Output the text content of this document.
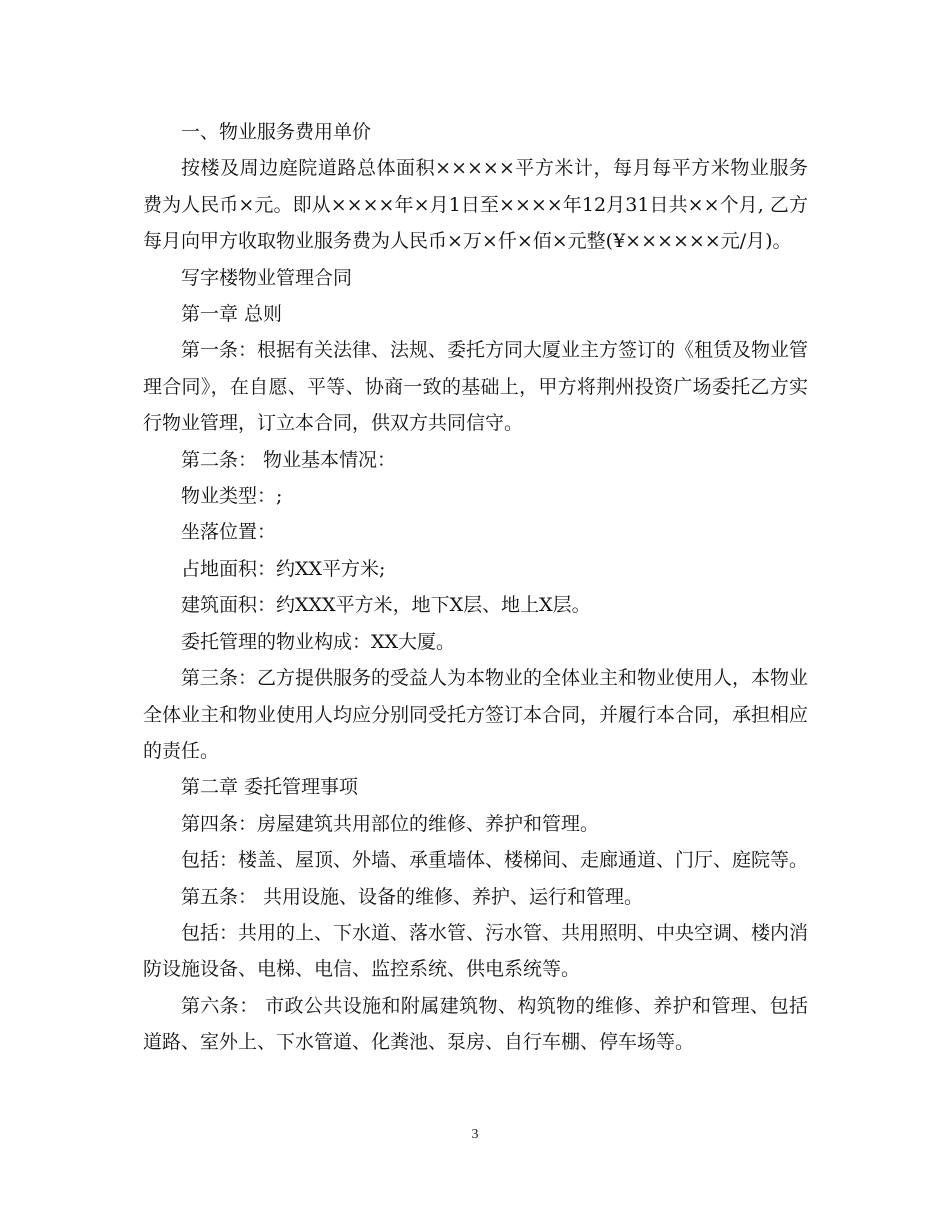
一、物业服务费用单价

按楼及周边庭院道路总体面积×××××平方米计，每月每平方米物业服务费为人民币×元。即从××××年×月1日至××××年12月31日共××个月, 乙方每月向甲方收取物业服务费为人民币×万×仟×佰×元整(¥××××××元/月)。

写字楼物业管理合同

第一章 总则

第一条：根据有关法律、法规、委托方同大厦业主方签订的《租赁及物业管理合同》，在自愿、平等、协商一致的基础上，甲方将荆州投资广场委托乙方实行物业管理，订立本合同，供双方共同信守。

第二条： 物业基本情况：

物业类型：;

坐落位置：

占地面积：约XX平方米;

建筑面积：约XXX平方米，地下X层、地上X层。

委托管理的物业构成：XX大厦。

第三条：乙方提供服务的受益人为本物业的全体业主和物业使用人，本物业全体业主和物业使用人均应分别同受托方签订本合同，并履行本合同，承担相应的责任。

第二章 委托管理事项

第四条：房屋建筑共用部位的维修、养护和管理。

包括：楼盖、屋顶、外墙、承重墙体、楼梯间、走廊通道、门厅、庭院等。

第五条： 共用设施、设备的维修、养护、运行和管理。

包括：共用的上、下水道、落水管、污水管、共用照明、中央空调、楼内消防设施设备、电梯、电信、监控系统、供电系统等。

第六条： 市政公共设施和附属建筑物、构筑物的维修、养护和管理、包括道路、室外上、下水管道、化粪池、泵房、自行车棚、停车场等。

3
